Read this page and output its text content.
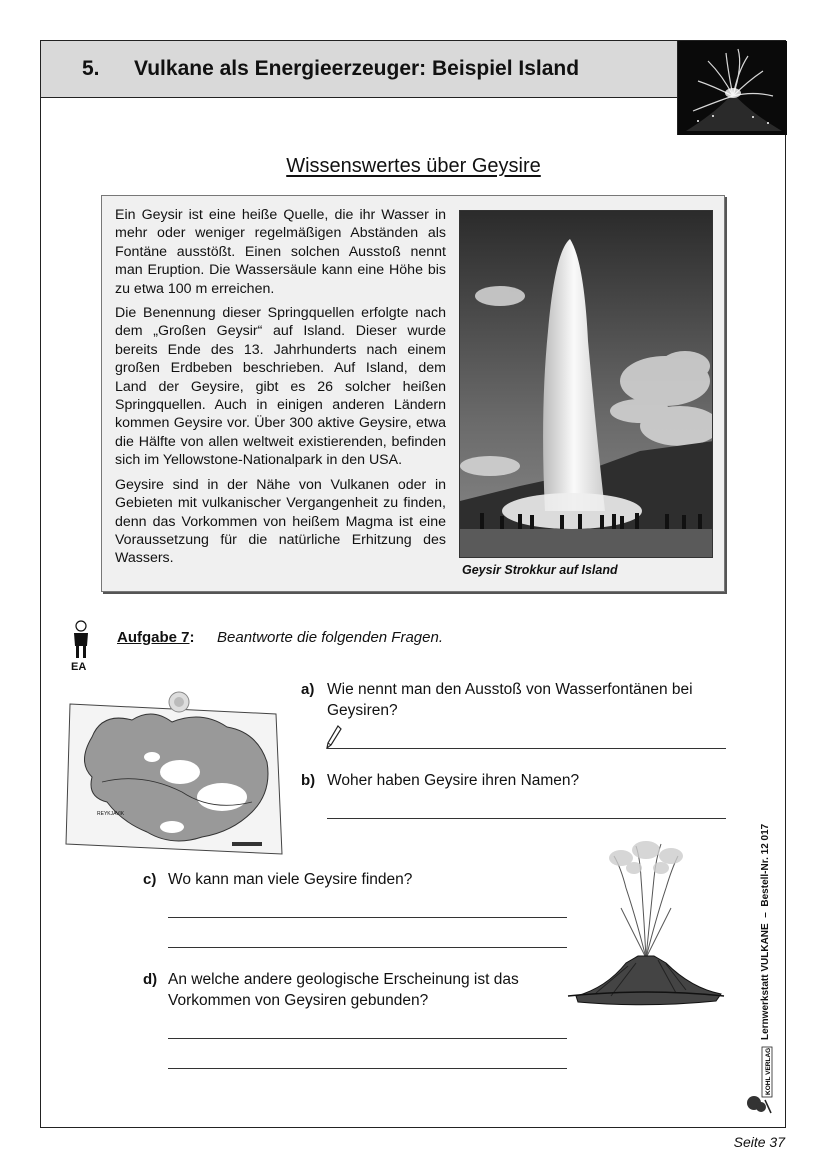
5. Vulkane als Energieerzeuger: Beispiel Island
Wissenswertes über Geysire

Ein Geysir ist eine heiße Quelle, die ihr Wasser in mehr oder weniger regelmäßigen Abständen als Fontäne ausstößt. Einen solchen Ausstoß nennt man Eruption. Die Wassersäule kann eine Höhe bis zu etwa 100 m erreichen.

Die Benennung dieser Springquellen erfolgte nach dem „Großen Geysir“ auf Island. Dieser wurde bereits Ende des 13. Jahrhunderts nach einem großen Erdbeben beschrieben. Auf Island, dem Land der Geysire, gibt es 26 solcher heißen Springquellen. Auch in einigen anderen Ländern kommen Geysire vor. Über 300 aktive Geysire, etwa die Hälfte von allen weltweit existierenden, befinden sich im Yellowstone-Nationalpark in den USA.

Geysire sind in der Nähe von Vulkanen oder in Gebieten mit vulkanischer Vergangenheit zu finden, denn das Vorkommen von heißem Magma ist eine Voraussetzung für die natürliche Erhitzung des Wassers.

Geysir Strokkur auf Island
EA
Aufgabe 7: Beantworte die folgenden Fragen.
REYKJAVIK
a) Wie nennt man den Ausstoß von Wasserfontänen bei Geysiren?
b) Woher haben Geysire ihren Namen?
c) Wo kann man viele Geysire finden?
d) An welche andere geologische Erscheinung ist das Vorkommen von Geysiren gebunden?	Lernwerkstatt VULKANE  –  Bestell-Nr. 12 017
KOHL VERLAG
Seite 37
